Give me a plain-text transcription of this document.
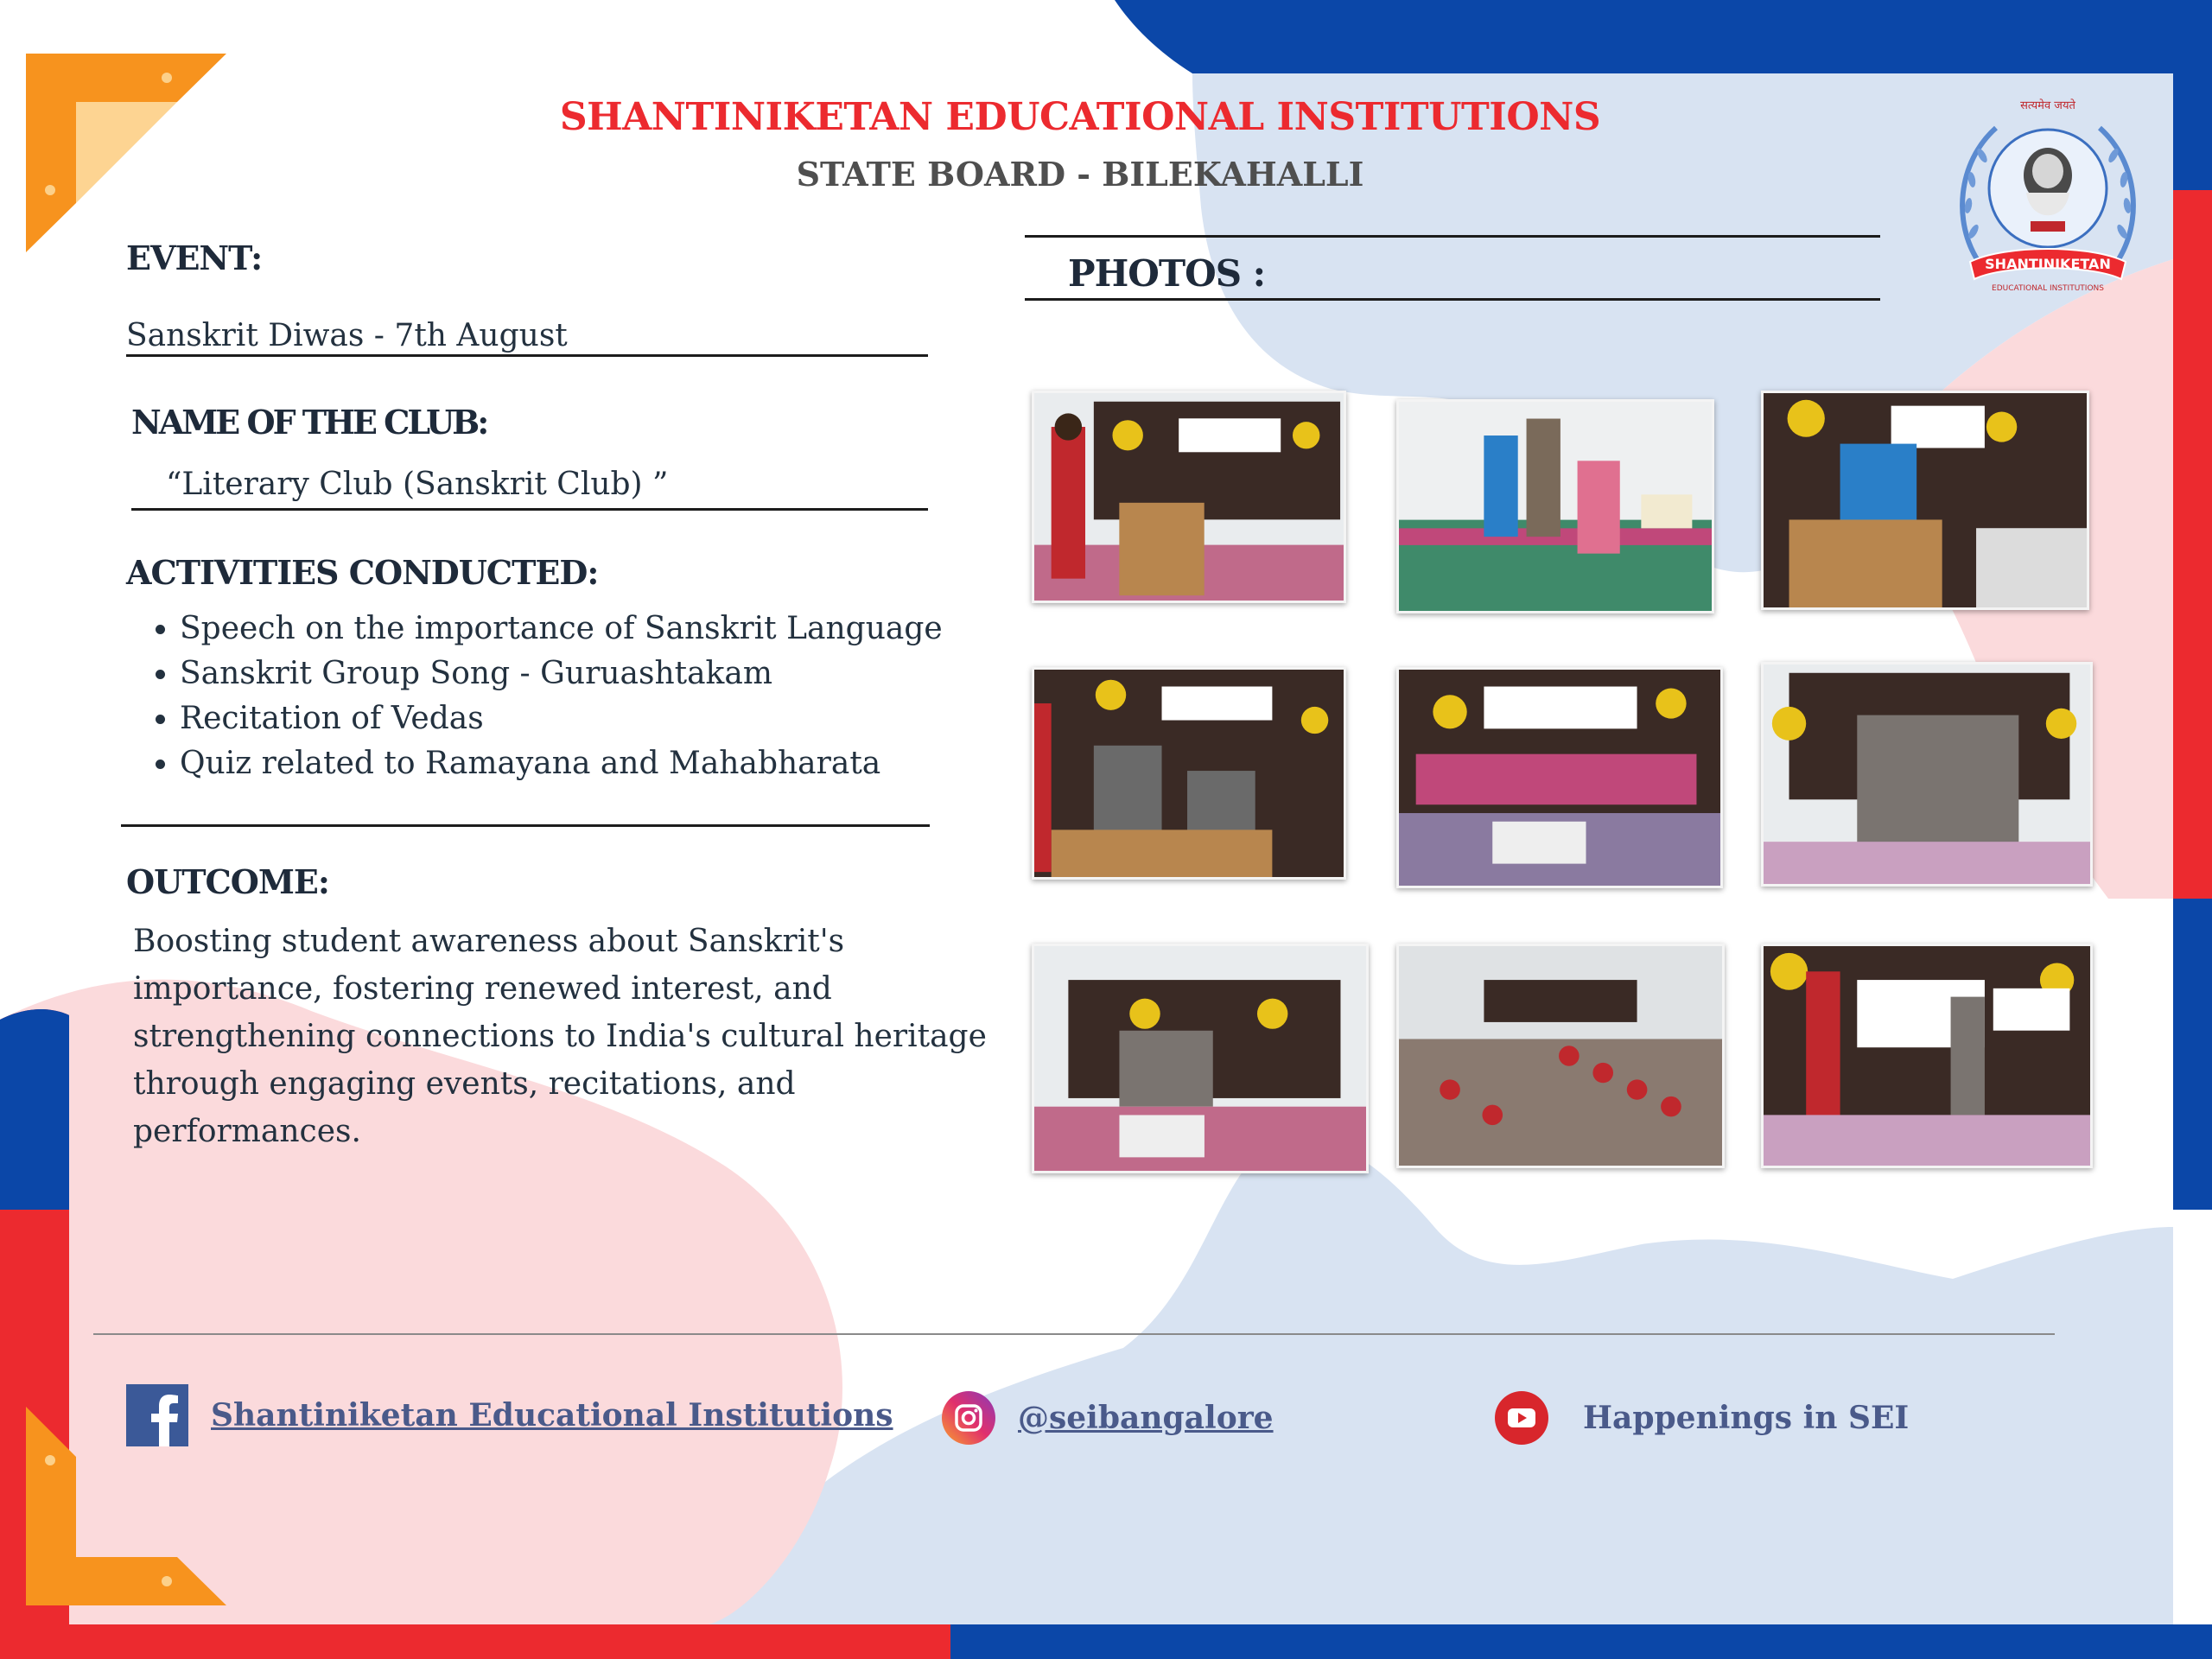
SHANTINIKETAN EDUCATIONAL INSTITUTIONS
STATE BOARD - BILEKAHALLI
सत्यमेव जयते
SHANTINIKETAN
EDUCATIONAL INSTITUTIONS
EVENT:
Sanskrit Diwas - 7th August
NAME OF THE CLUB:
“Literary Club (Sanskrit Club) ”
ACTIVITIES CONDUCTED:
• Speech on the importance of Sanskrit Language
• Sanskrit Group Song - Guruashtakam
• Recitation of Vedas
• Quiz related to Ramayana and Mahabharata
OUTCOME:
Boosting student awareness about Sanskrit's
importance, fostering renewed interest, and
strengthening connections to India's cultural heritage
through engaging events, recitations, and
performances.
PHOTOS :
Shantiniketan Educational Institutions	@seibangalore	Happenings in SEI
